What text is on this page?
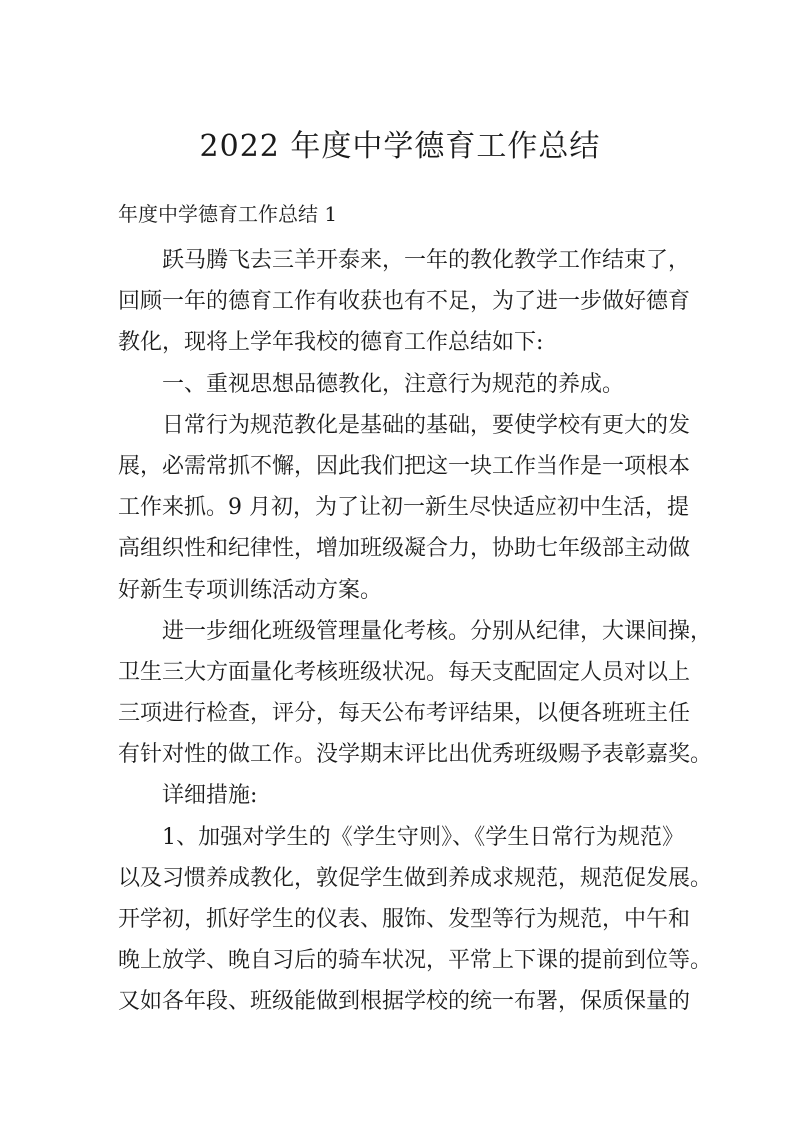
2022 年度中学德育工作总结
年度中学德育工作总结 1
跃马腾飞去三羊开泰来，一年的教化教学工作结束了，
回顾一年的德育工作有收获也有不足，为了进一步做好德育
教化，现将上学年我校的德育工作总结如下:
一、重视思想品德教化，注意行为规范的养成。
日常行为规范教化是基础的基础，要使学校有更大的发
展，必需常抓不懈，因此我们把这一块工作当作是一项根本
工作来抓。9 月初，为了让初一新生尽快适应初中生活，提
高组织性和纪律性，增加班级凝合力，协助七年级部主动做
好新生专项训练活动方案。
进一步细化班级管理量化考核。分别从纪律，大课间操，
卫生三大方面量化考核班级状况。每天支配固定人员对以上
三项进行检查，评分，每天公布考评结果，以便各班班主任
有针对性的做工作。没学期末评比出优秀班级赐予表彰嘉奖。
详细措施:
1、加强对学生的《学生守则》、《学生日常行为规范》
以及习惯养成教化，敦促学生做到养成求规范，规范促发展。
开学初，抓好学生的仪表、服饰、发型等行为规范，中午和
晚上放学、晚自习后的骑车状况，平常上下课的提前到位等。
又如各年段、班级能做到根据学校的统一布署，保质保量的
